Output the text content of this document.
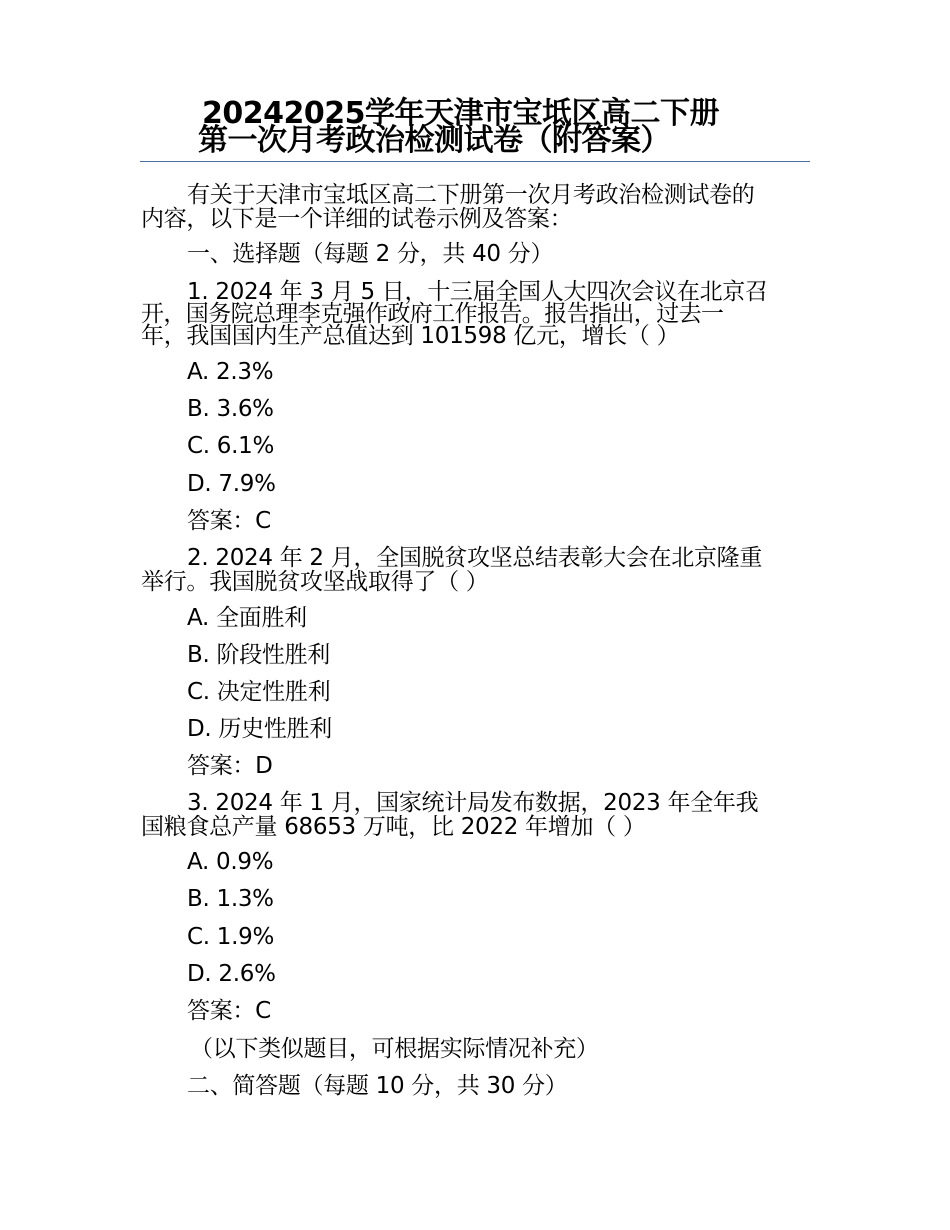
20242025学年天津市宝坻区高二下册
第一次月考政治检测试卷（附答案）
有关于天津市宝坻区高二下册第一次月考政治检测试卷的
内容，以下是一个详细的试卷示例及答案：
一、选择题（每题 2 分，共 40 分）
1. 2024 年 3 月 5 日，十三届全国人大四次会议在北京召
开，国务院总理李克强作政府工作报告。报告指出，过去一
年，我国国内生产总值达到 101598 亿元，增长（ ）
A. 2.3%
B. 3.6%
C. 6.1%
D. 7.9%
答案：C
2. 2024 年 2 月，全国脱贫攻坚总结表彰大会在北京隆重
举行。我国脱贫攻坚战取得了（ ）
A. 全面胜利
B. 阶段性胜利
C. 决定性胜利
D. 历史性胜利
答案：D
3. 2024 年 1 月，国家统计局发布数据，2023 年全年我
国粮食总产量 68653 万吨，比 2022 年增加（ ）
A. 0.9%
B. 1.3%
C. 1.9%
D. 2.6%
答案：C
（以下类似题目，可根据实际情况补充）
二、简答题（每题 10 分，共 30 分）
